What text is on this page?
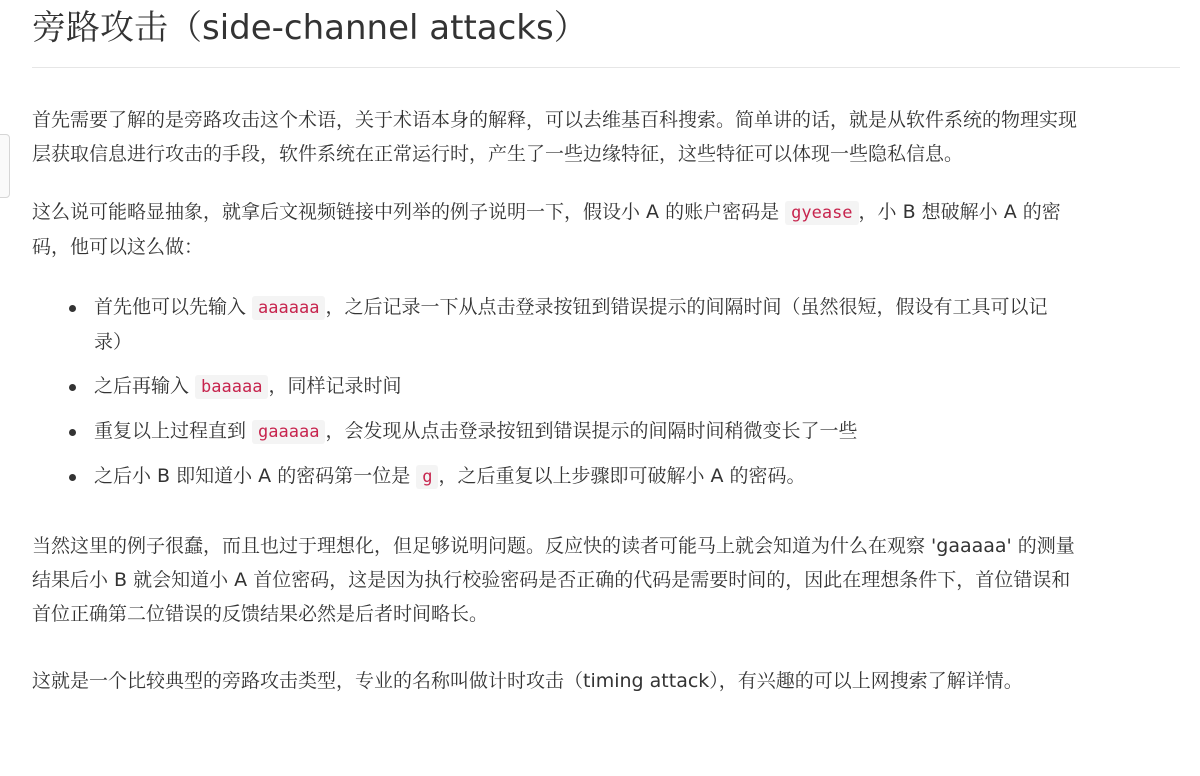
旁路攻击（side-channel attacks）

首先需要了解的是旁路攻击这个术语，关于术语本身的解释，可以去维基百科搜索。简单讲的话，就是从软件系统的物理实现

层获取信息进行攻击的手段，软件系统在正常运行时，产生了一些边缘特征，这些特征可以体现一些隐私信息。

这么说可能略显抽象，就拿后文视频链接中列举的例子说明一下，假设小 A 的账户密码是 gyease ，小 B 想破解小 A 的密

码，他可以这么做：

首先他可以先输入 aaaaaa ，之后记录一下从点击登录按钮到错误提示的间隔时间（虽然很短，假设有工具可以记
录）
之后再输入 baaaaa ，同样记录时间
重复以上过程直到 gaaaaa ，会发现从点击登录按钮到错误提示的间隔时间稍微变长了一些
之后小 B 即知道小 A 的密码第一位是 g ，之后重复以上步骤即可破解小 A 的密码。

当然这里的例子很蠢，而且也过于理想化，但足够说明问题。反应快的读者可能马上就会知道为什么在观察 'gaaaaa' 的测量

结果后小 B 就会知道小 A 首位密码，这是因为执行校验密码是否正确的代码是需要时间的，因此在理想条件下，首位错误和

首位正确第二位错误的反馈结果必然是后者时间略长。

这就是一个比较典型的旁路攻击类型，专业的名称叫做计时攻击（timing attack），有兴趣的可以上网搜索了解详情。
